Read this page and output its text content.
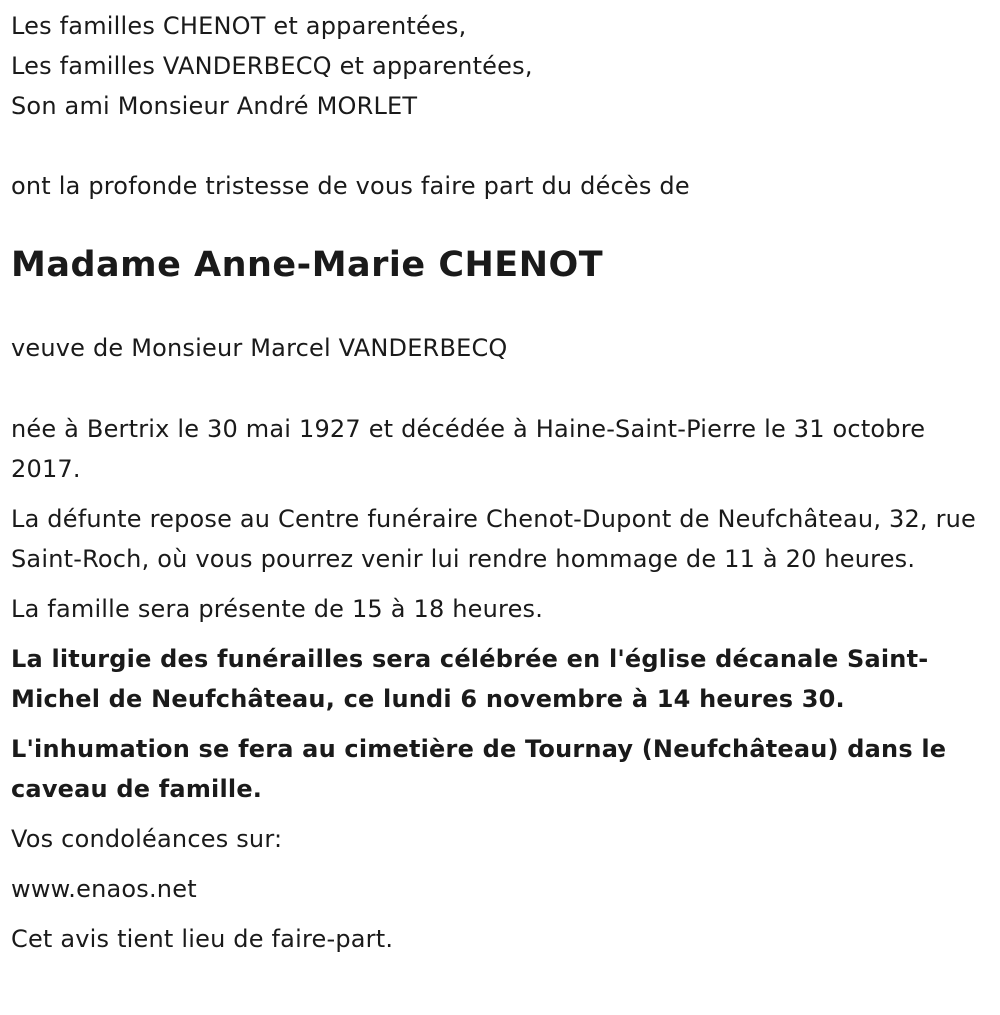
Les familles CHENOT et apparentées,

Les familles VANDERBECQ et apparentées,

Son ami Monsieur André MORLET

ont la profonde tristesse de vous faire part du décès de

Madame Anne-Marie CHENOT

veuve de Monsieur Marcel VANDERBECQ

née à Bertrix le 30 mai 1927 et décédée à Haine-Saint-Pierre le 31 octobre 2017.

La défunte repose au Centre funéraire Chenot-Dupont de Neufchâteau, 32, rue Saint-Roch, où vous pourrez venir lui rendre hommage de 11 à 20 heures.

La famille sera présente de 15 à 18 heures.

La liturgie des funérailles sera célébrée en l'église décanale Saint-Michel de Neufchâteau, ce lundi 6 novembre à 14 heures 30.

L'inhumation se fera au cimetière de Tournay (Neufchâteau) dans le caveau de famille.

Vos condoléances sur:

www.enaos.net

Cet avis tient lieu de faire-part.
